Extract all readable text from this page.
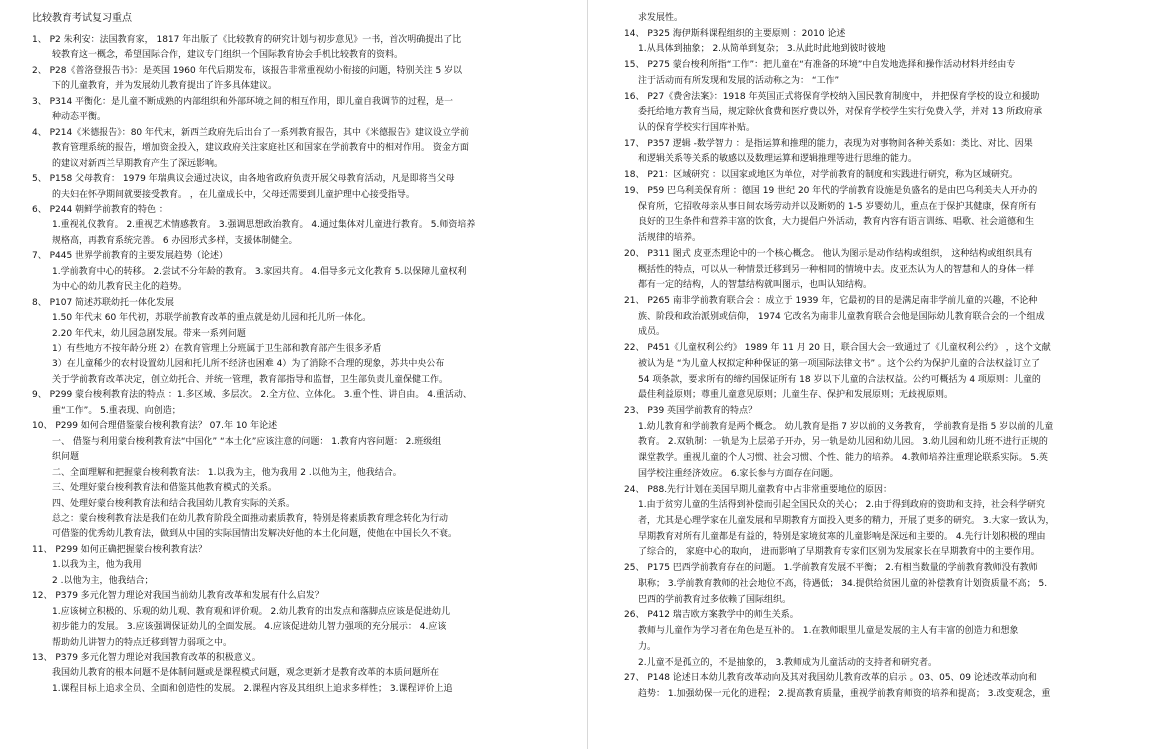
比较教育考试复习重点
1、 P2 朱利安：法国教育家， 1817 年出版了《比较教育的研究计划与初步意见》一书，首次明确提出了比
较教育这一概念，希望国际合作，建议专门组织一个国际教育协会手机比较教育的资料。
2、 P28《普洛登报告书》：是英国 1960 年代后期发布，该报告非常重视幼小衔接的问题，特别关注 5 岁以
下的儿童教育，并为发展幼儿教育提出了许多具体建议。
3、 P314 平衡化：是儿童不断成熟的内部组织和外部环境之间的相互作用，即儿童自我调节的过程，是一
种动态平衡。
4、 P214《米德报告》：80 年代末，新西兰政府先后出台了一系列教育报告，其中《米德报告》建议设立学前
教育管理系统的报告，增加资金投入，建议政府关注家庭社区和国家在学前教育中的相对作用。 资金方面
的建议对新西兰早期教育产生了深远影响。
5、 P158 父母教育： 1979 年瑞典议会通过决议，由各地省政府负责开展父母教育活动，凡是即将当父母
的夫妇在怀孕期间就要接受教育。 ，在儿童成长中，父母还需要到儿童护理中心接受指导。
6、 P244 朝鲜学前教育的特色 ：
1.重视礼仪教育。 2.重视艺术情感教育。 3.强调思想政治教育。 4.通过集体对儿童进行教育。 5.师资培养
规格高，再教育系统完善。 6 办园形式多样，支援体制健全。
7、 P445 世界学前教育的主要发展趋势（论述）
1.学前教育中心的转移。 2.尝试不分年龄的教育。 3.家园共育。 4.倡导多元文化教育 5.以保障儿童权利
为中心的幼儿教育民主化的趋势。
8、 P107 简述苏联幼托一体化发展
1.50 年代末 60 年代初，苏联学前教育改革的重点就是幼儿园和托儿所一体化。
2.20 年代末，幼儿园急剧发展。带来一系列问题
1）有些地方不按年龄分班 2）在教育管理上分班属于卫生部和教育部产生很多矛盾
3）在儿童稀少的农村设置幼儿园和托儿所不经济也困难 4）为了消除不合理的现象，苏共中央公布
关于学前教育改革决定，创立幼托合、并统一管理，教育部指导和监督，卫生部负责儿童保健工作。
9、 P299 蒙台梭利教育法的特点 ：1.多区域、多层次。 2.全方位、立体化。 3.重个性、讲自由。 4.重活动、
重“工作”。 5.重表现、向创造；
10、 P299 如何合理借鉴蒙台梭利教育法？ 07.年 10 年论述
一、 借鉴与利用蒙台梭利教育法“中国化” “本土化”应该注意的问题： 1.教育内容问题： 2.班级组
织问题
二、全面理解和把握蒙台梭利教育法： 1.以我为主，他为我用 2 .以他为主，他我结合。
三、处理好蒙台梭利教育法和借鉴其他教育模式的关系。
四、处理好蒙台梭利教育法和结合我国幼儿教育实际的关系。
总之：蒙台梭利教育法是我们在幼儿教育阶段全面推动素质教育，特别是将素质教育理念转化为行动
可借鉴的优秀幼儿教育法，做到从中国的实际国情出发解决好他的本土化问题，使他在中国长久不衰。
11、 P299 如何正确把握蒙台梭利教育法？
1.以我为主，他为我用
2 .以他为主，他我结合；
12、 P379 多元化智力理论对我国当前幼儿教育改革和发展有什么启发？
1.应该树立积极的、乐观的幼儿观、教育观和评价观。 2.幼儿教育的出发点和落脚点应该是促进幼儿
初步能力的发展。 3.应该强调保证幼儿的全面发展。 4.应该促进幼儿智力强项的充分展示： 4.应该
帮助幼儿讲智力的特点迁移到智力弱项之中。
13、 P379 多元化智力理论对我国教育改革的积极意义。
我国幼儿教育的根本问题不是体制问题或是课程模式问题，观念更新才是教育改革的本质问题所在
1.课程目标上追求全员、全面和创造性的发展。 2.课程内容及其组织上追求多样性； 3.课程评价上追
求发展性。
14、 P325 海伊斯科课程组织的主要原则 ：2010 论述
1.从具体到抽象； 2.从简单到复杂； 3.从此时此地到彼时彼地
15、 P275 蒙台梭利所指“工作”：把儿童在“有准备的环境”中自发地选择和操作活动材料并经由专
注于活动而有所发现和发展的活动称之为： “工作”
16、 P27《费舍法案》：1918 年英国正式将保育学校纳入国民教育制度中， 并把保育学校的设立和援助
委托给地方教育当局，规定除伙食费和医疗费以外，对保育学校学生实行免费入学，并对 13 所政府承
认的保育学校实行国库补贴。
17、 P357 逻辑 -数学智力 ：是指运算和推理的能力，表现为对事物间各种关系如：类比、对比、因果
和逻辑关系等关系的敏感以及数理运算和逻辑推理等进行思维的能力。
18、 P21：区域研究 ：以国家或地区为单位，对学前教育的制度和实践进行研究，称为区域研究。
19、 P59 巴乌利美保育所 ：德国 19 世纪 20 年代的学前教育设施是负盛名的是由巴乌利美夫人开办的
保育所，它招收母亲从事日间农场劳动并以及断奶的 1-5 岁婴幼儿，重点在于保护其健康，保育所有
良好的卫生条件和营养丰富的饮食，大力提倡户外活动，教育内容有语言训练、唱歌、社会道德和生
活规律的培养。
20、 P311 图式 皮亚杰理论中的一个核心概念。 他认为图示是动作结构或组织， 这种结构或组织具有
概括性的特点，可以从一种情景迁移到另一种相同的情境中去。皮亚杰认为人的智慧和人的身体一样
都有一定的结构，人的智慧结构就叫图示，也叫认知结构。
21、 P265 南非学前教育联合会 ：成立于 1939 年，它最初的目的是满足南非学前儿童的兴趣，不论种
族、阶段和政治派别或信仰， 1974 它改名为南非儿童教育联合会他是国际幼儿教育联合会的一个组成
成员。
22、 P451《儿童权利公约》 1989 年 11 月 20 日，联合国大会一致通过了《儿童权利公约》 ，这个文献
被认为是 “为儿童人权拟定种种保证的第一项国际法律文书” 。这个公约为保护儿童的合法权益订立了
54 项条款，要求所有的缔约国保证所有 18 岁以下儿童的合法权益。公约可概括为 4 项原则：儿童的
最佳利益原则；尊重儿童意见原则；儿童生存、保护和发展原则；无歧视原则。
23、 P39 英国学前教育的特点？
1.幼儿教育和学前教育是两个概念。 幼儿教育是指 7 岁以前的义务教育， 学前教育是指 5 岁以前的儿童
教育。 2.双轨制：一轨是为上层弟子开办，另一轨是幼儿园和幼儿园。 3.幼儿园和幼儿班不进行正规的
课堂教学。重视儿童的个人习惯、社会习惯、个性、能力的培养。 4.教师培养注重理论联系实际。 5.英
国学校注重经济效应。 6.家长参与方面存在问题。
24、 P88.先行计划在美国早期儿童教育中占非常重要地位的原因：
1.由于贫穷儿童的生活得到补偿而引起全国民众的关心； 2.由于得到政府的资助和支持，社会科学研究
者，尤其是心理学家在儿童发展和早期教育方面投入更多的精力，开展了更多的研究。 3.大家一致认为，
早期教育对所有儿童都是有益的，特别是家境贫寒的儿童影响是深远和主要的。 4.先行计划积极的理由
了综合的， 家庭中心的取向， 进而影响了早期教育专家们区别为发展家长在早期教育中的主要作用。
25、 P175 巴西学前教育存在的问题。 1.学前教育发展不平衡； 2.有相当数量的学前教育教师没有教师
职称； 3.学前教育教师的社会地位不高，待遇低； 34.提供给贫困儿童的补偿教育计划资质量不高； 5.
巴西的学前教育过多依赖了国际组织。
26、 P412 瑞吉欧方案教学中的师生关系。
教师与儿童作为学习者在角色是互补的。 1.在教师眼里儿童是发展的主人有丰富的创造力和想象
力。
2.儿童不是孤立的，不是抽象的， 3.教师成为儿童活动的支持者和研究者。
27、 P148 论述日本幼儿教育改革动向及其对我国幼儿教育改革的启示 。03、05、09 论述改革动向和
趋势： 1.加强幼保一元化的进程； 2.提高教育质量，重视学前教育师资的培养和提高； 3.改变观念，重
